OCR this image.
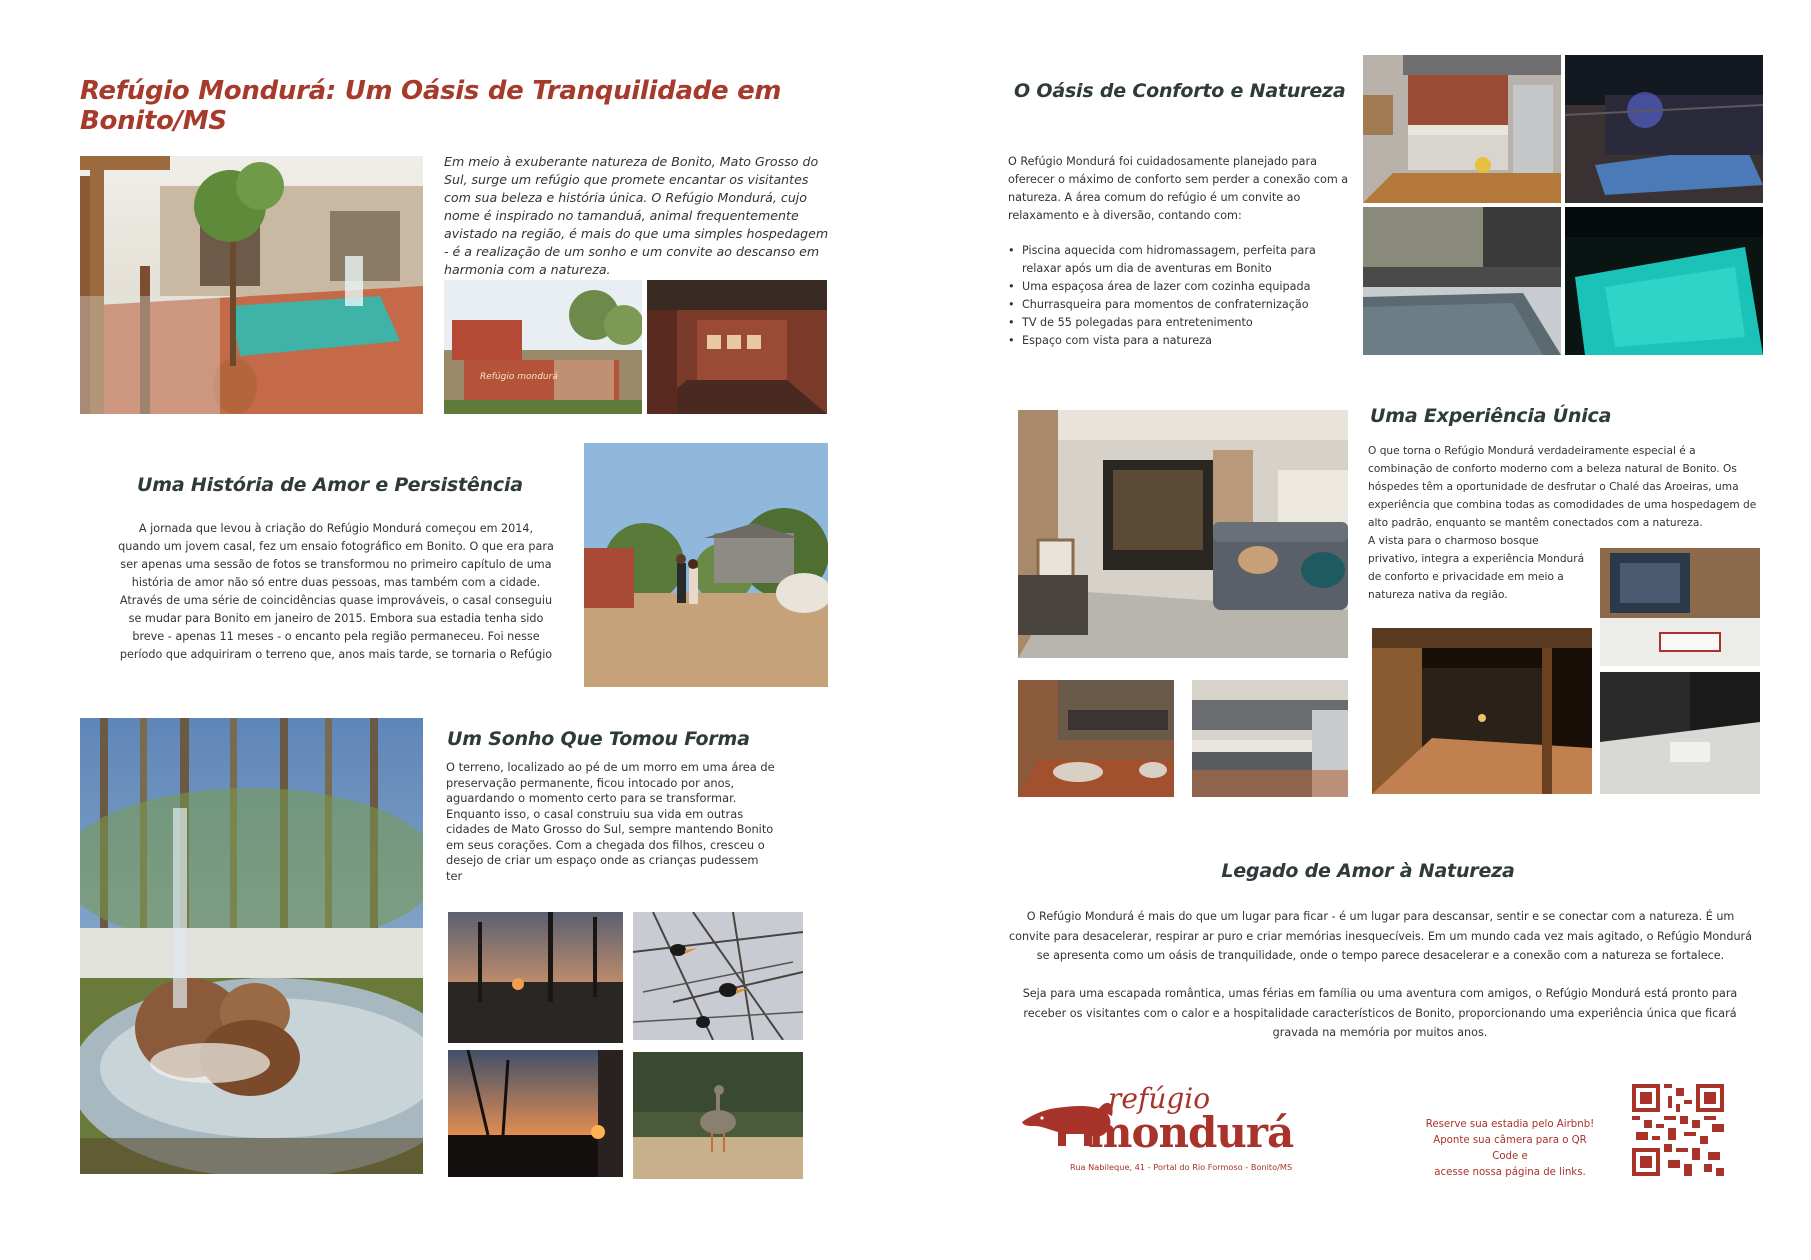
Refúgio Mondurá: Um Oásis de Tranquilidade em Bonito/MS
Em meio à exuberante natureza de Bonito, Mato Grosso do Sul, surge um refúgio que promete encantar os visitantes com sua beleza e história única. O Refúgio Mondurá, cujo nome é inspirado no tamanduá, animal frequentemente avistado na região, é mais do que uma simples hospedagem - é a realização de um sonho e um convite ao descanso em harmonia com a natureza.
Refúgio mondurá
Uma História de Amor e Persistência
A jornada que levou à criação do Refúgio Mondurá começou em 2014, quando um jovem casal, fez um ensaio fotográfico em Bonito. O que era para ser apenas uma sessão de fotos se transformou no primeiro capítulo de uma história de amor não só entre duas pessoas, mas também com a cidade. Através de uma série de coincidências quase improváveis, o casal conseguiu se mudar para Bonito em janeiro de 2015. Embora sua estadia tenha sido breve - apenas 11 meses - o encanto pela região permaneceu. Foi nesse período que adquiriram o terreno que, anos mais tarde, se tornaria o Refúgio
Um Sonho Que Tomou Forma
O terreno, localizado ao pé de um morro em uma área de preservação permanente, ficou intocado por anos, aguardando o momento certo para se transformar. Enquanto isso, o casal construiu sua vida em outras cidades de Mato Grosso do Sul, sempre mantendo Bonito em seus corações. Com a chegada dos filhos, cresceu o desejo de criar um espaço onde as crianças pudessem ter
O Oásis de Conforto e Natureza
O Refúgio Mondurá foi cuidadosamente planejado para oferecer o máximo de conforto sem perder a conexão com a natureza. A área comum do refúgio é um convite ao relaxamento e à diversão, contando com:
• Piscina aquecida com hidromassagem, perfeita para relaxar após um dia de aventuras em Bonito
• Uma espaçosa área de lazer com cozinha equipada
• Churrasqueira para momentos de confraternização
• TV de 55 polegadas para entretenimento
• Espaço com vista para a natureza
Uma Experiência Única
O que torna o Refúgio Mondurá verdadeiramente especial é a combinação de conforto moderno com a beleza natural de Bonito. Os hóspedes têm a oportunidade de desfrutar o Chalé das Aroeiras, uma experiência que combina todas as comodidades de uma hospedagem de alto padrão, enquanto se mantêm conectados com a natureza.
A vista para o charmoso bosque privativo, integra a experiência Mondurá de conforto e privacidade em meio a natureza nativa da região.
Legado de Amor à Natureza
O Refúgio Mondurá é mais do que um lugar para ficar - é um lugar para descansar, sentir e se conectar com a natureza. É um convite para desacelerar, respirar ar puro e criar memórias inesquecíveis. Em um mundo cada vez mais agitado, o Refúgio Mondurá se apresenta como um oásis de tranquilidade, onde o tempo parece desacelerar e a conexão com a natureza se fortalece.
Seja para uma escapada romântica, umas férias em família ou uma aventura com amigos, o Refúgio Mondurá está pronto para receber os visitantes com o calor e a hospitalidade característicos de Bonito, proporcionando uma experiência única que ficará gravada na memória por muitos anos.
refúgio
mondurá
Rua Nabileque, 41 - Portal do Rio Formoso - Bonito/MS
Reserve sua estadia pelo Airbnb!
Aponte sua câmera para o QR Code e
acesse nossa página de links.
